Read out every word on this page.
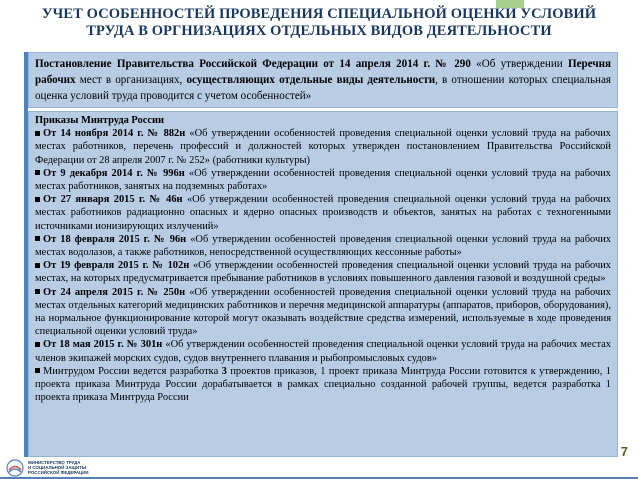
УЧЕТ ОСОБЕННОСТЕЙ ПРОВЕДЕНИЯ СПЕЦИАЛЬНОЙ ОЦЕНКИ УСЛОВИЙ
ТРУДА В ОРГНИЗАЦИЯХ ОТДЕЛЬНЫХ ВИДОВ ДЕЯТЕЛЬНОСТИ
Постановление Правительства Российской Федерации от 14 апреля 2014 г. № 290 «Об утверждении Перечня рабочих мест в организациях, осуществляющих отдельные виды деятельности, в отношении которых специальная оценка условий труда проводится с учетом особенностей»

Приказы Минтруда России

От 14 ноября 2014 г. № 882н «Об утверждении особенностей проведения специальной оценки условий труда на рабочих местах работников, перечень профессий и должностей которых утвержден постановлением Правительства Российской Федерации от 28 апреля 2007 г. № 252» (работники культуры)

От 9 декабря 2014 г. № 996н «Об утверждении особенностей проведения специальной оценки условий труда на рабочих местах работников, занятых на подземных работах»

От 27 января 2015 г. № 46н «Об утверждении особенностей проведения специальной оценки условий труда на рабочих местах работников радиационно опасных и ядерно опасных производств и объектов, занятых на работах с техногенными источниками ионизирующих излучений»

От 18 февраля 2015 г. № 96н «Об утверждении особенностей проведения специальной оценки условий труда на рабочих местах водолазов, а также работников, непосредственной осуществляющих кессонные работы»

От 19 февраля 2015 г. № 102н «Об утверждении особенностей проведения специальной оценки условий труда на рабочих местах, на которых предусматривается пребывание работников в условиях повышенного давления газовой и воздушной среды»

От 24 апреля 2015 г. № 250н «Об утверждении особенностей проведения специальной оценки условий труда на рабочих местах отдельных категорий медицинских работников и перечня медицинской аппаратуры (аппаратов, приборов, оборудования), на нормальное функционирование которой могут оказывать воздействие средства измерений, используемые в ходе проведения специальной оценки условий труда»

От 18 мая 2015 г. № 301н «Об утверждении особенностей проведения специальной оценки условий труда на рабочих местах членов экипажей морских судов, судов внутреннего плавания и рыбопромысловых судов»

Минтрудом России ведется разработка 3 проектов приказов, 1 проект приказа Минтруда России готовится к утверждению, 1 проекта приказа Минтруда России дорабатывается в рамках специально созданной рабочей группы, ведется разработка 1 проекта приказа Минтруда России

МИНИСТЕРСТВО ТРУДА
И СОЦИАЛЬНОЙ ЗАЩИТЫ
РОССИЙСКОЙ ФЕДЕРАЦИИ
7
